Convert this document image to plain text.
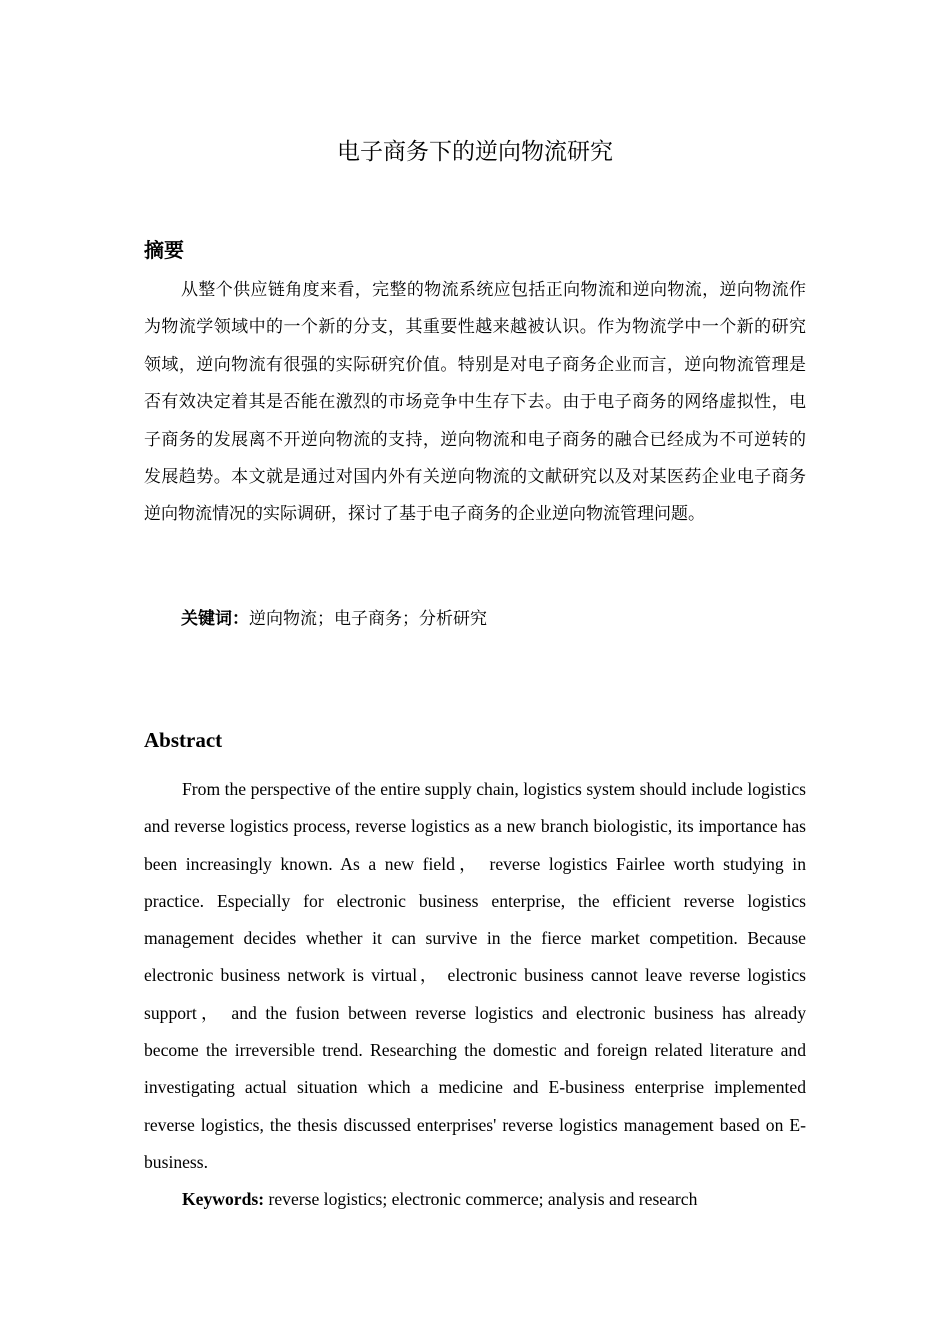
电子商务下的逆向物流研究
摘要

从整个供应链角度来看，完整的物流系统应包括正向物流和逆向物流，逆向物流作为物流学领域中的一个新的分支，其重要性越来越被认识。作为物流学中一个新的研究领域，逆向物流有很强的实际研究价值。特别是对电子商务企业而言，逆向物流管理是否有效决定着其是否能在激烈的市场竞争中生存下去。由于电子商务的网络虚拟性，电子商务的发展离不开逆向物流的支持，逆向物流和电子商务的融合已经成为不可逆转的发展趋势。本文就是通过对国内外有关逆向物流的文献研究以及对某医药企业电子商务逆向物流情况的实际调研，探讨了基于电子商务的企业逆向物流管理问题。

关键词：逆向物流；电子商务；分析研究
Abstract

From the perspective of the entire supply chain, logistics system should include logistics and reverse logistics process, reverse logistics as a new branch biologistic, its importance has been increasingly known. As a new field， reverse logistics Fairlee worth studying in practice. Especially for electronic business enterprise, the efficient reverse logistics management decides whether it can survive in the fierce market competition. Because electronic business network is virtual， electronic business cannot leave reverse logistics support， and the fusion between reverse logistics and electronic business has already become the irreversible trend. Researching the domestic and foreign related literature and investigating actual situation which a medicine and E-business enterprise implemented reverse logistics, the thesis discussed enterprises' reverse logistics management based on E-business.

Keywords: reverse logistics; electronic commerce; analysis and research
